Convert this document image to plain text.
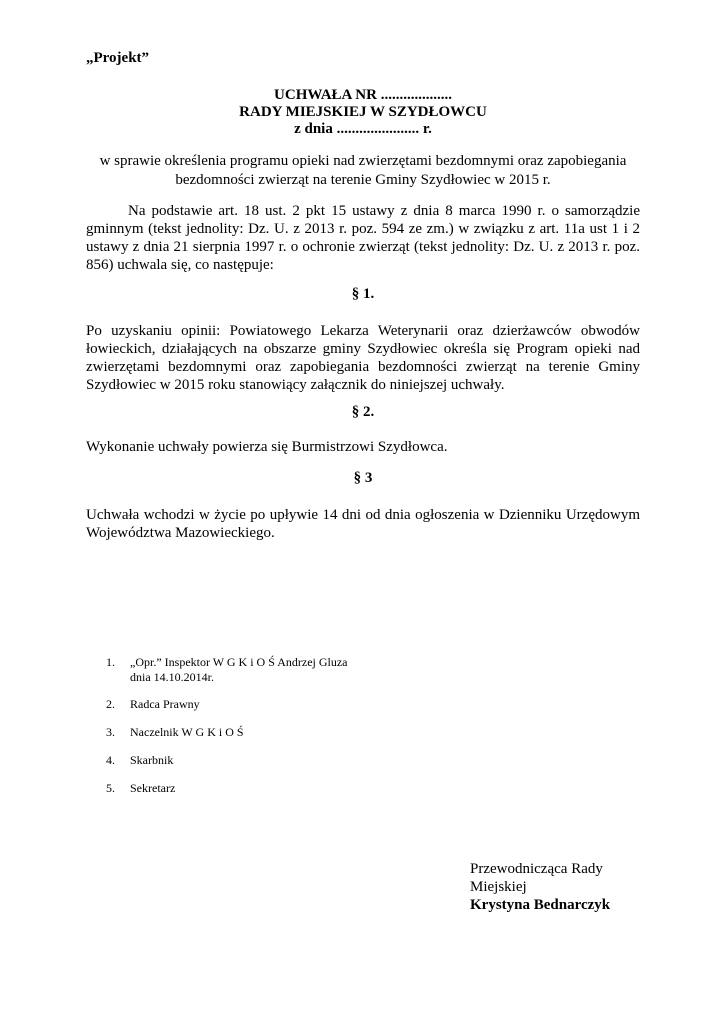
„Projekt”
UCHWAŁA NR ...................
RADY MIEJSKIEJ W SZYDŁOWCU
z dnia ...................... r.
w sprawie określenia programu opieki nad zwierzętami bezdomnymi oraz zapobiegania
bezdomności zwierząt na terenie Gminy Szydłowiec w 2015 r.
Na podstawie art. 18 ust. 2 pkt 15 ustawy z dnia 8 marca 1990 r. o samorządzie gminnym (tekst jednolity: Dz. U. z 2013 r. poz. 594 ze zm.) w związku z art. 11a ust 1 i 2 ustawy z dnia 21 sierpnia 1997 r. o ochronie zwierząt (tekst jednolity: Dz. U. z 2013 r. poz. 856) uchwala się, co następuje:
§ 1.
Po uzyskaniu opinii: Powiatowego Lekarza Weterynarii oraz dzierżawców obwodów łowieckich, działających na obszarze gminy Szydłowiec określa się Program opieki nad zwierzętami bezdomnymi oraz zapobiegania bezdomności zwierząt na terenie Gminy Szydłowiec w 2015 roku stanowiący załącznik do niniejszej uchwały.
§ 2.
Wykonanie uchwały powierza się Burmistrzowi Szydłowca.
§ 3
Uchwała wchodzi w życie po upływie 14 dni od dnia ogłoszenia w Dzienniku Urzędowym Województwa Mazowieckiego.
1.	„Opr.” Inspektor W G K i O Ś Andrzej Gluza
dnia 14.10.2014r.
2.	Radca Prawny
3.	Naczelnik W G K i O Ś
4.	Skarbnik
5.	Sekretarz
Przewodnicząca Rady
Miejskiej
Krystyna Bednarczyk
